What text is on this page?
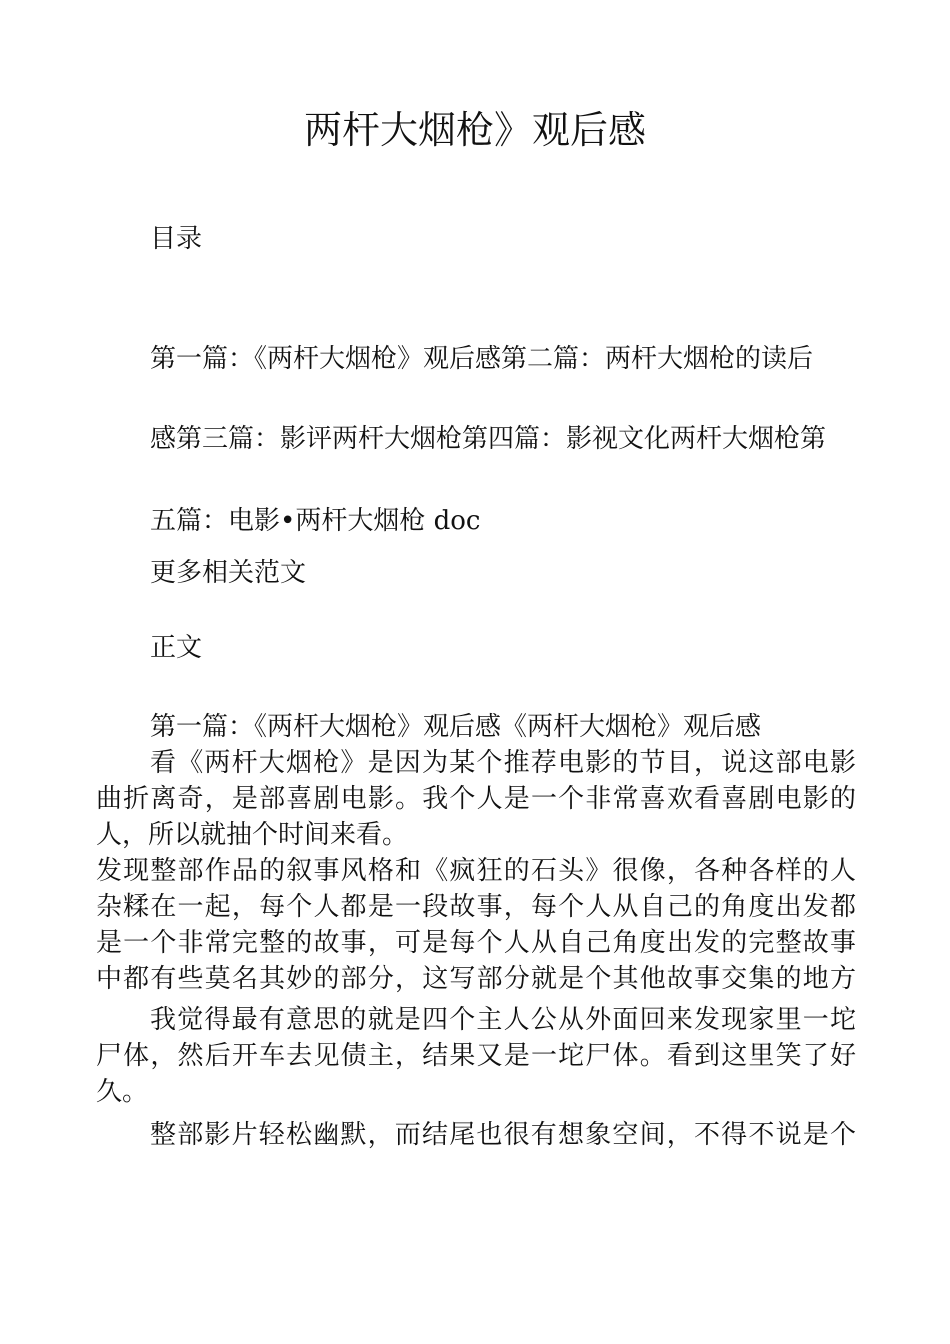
两杆大烟枪》观后感
目录
第一篇：《两杆大烟枪》观后感第二篇：两杆大烟枪的读后
感第三篇：影评两杆大烟枪第四篇：影视文化两杆大烟枪第
五篇：电影•两杆大烟枪 doc
更多相关范文
正文
第一篇：《两杆大烟枪》观后感《两杆大烟枪》观后感
看《两杆大烟枪》是因为某个推荐电影的节目，说这部电影
曲折离奇，是部喜剧电影。我个人是一个非常喜欢看喜剧电影的
人，所以就抽个时间来看。
发现整部作品的叙事风格和《疯狂的石头》很像，各种各样的人
杂糅在一起，每个人都是一段故事，每个人从自己的角度出发都
是一个非常完整的故事，可是每个人从自己角度出发的完整故事
中都有些莫名其妙的部分，这写部分就是个其他故事交集的地方
我觉得最有意思的就是四个主人公从外面回来发现家里一坨
尸体，然后开车去见债主，结果又是一坨尸体。看到这里笑了好
久。
整部影片轻松幽默，而结尾也很有想象空间，不得不说是个
